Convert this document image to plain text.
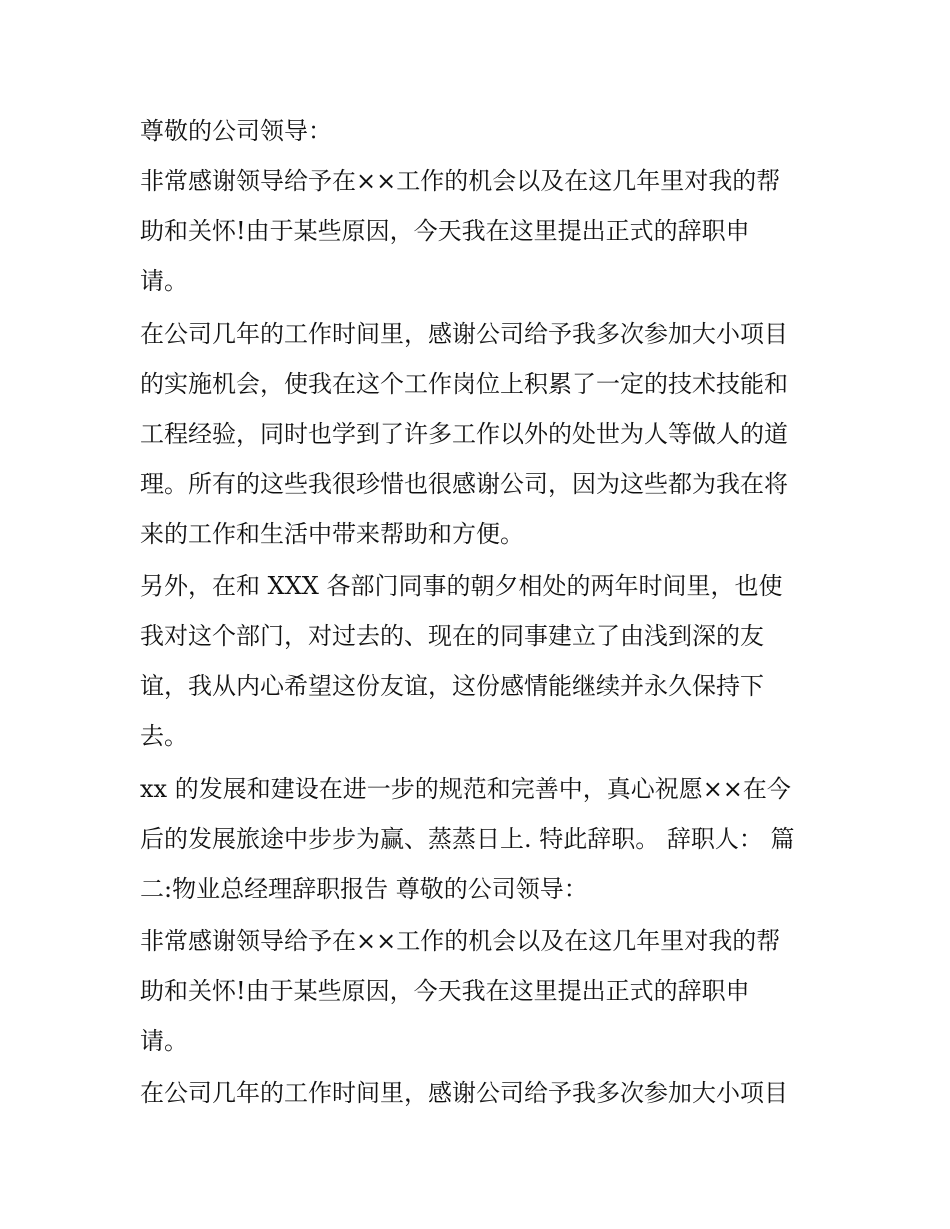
尊敬的公司领导：
非常感谢领导给予在××工作的机会以及在这几年里对我的帮
助和关怀!由于某些原因，今天我在这里提出正式的辞职申
请。
在公司几年的工作时间里，感谢公司给予我多次参加大小项目
的实施机会，使我在这个工作岗位上积累了一定的技术技能和
工程经验，同时也学到了许多工作以外的处世为人等做人的道
理。所有的这些我很珍惜也很感谢公司，因为这些都为我在将
来的工作和生活中带来帮助和方便。
另外，在和 XXX 各部门同事的朝夕相处的两年时间里，也使
我对这个部门，对过去的、现在的同事建立了由浅到深的友
谊，我从内心希望这份友谊，这份感情能继续并永久保持下
去。
xx 的发展和建设在进一步的规范和完善中，真心祝愿××在今
后的发展旅途中步步为赢、蒸蒸日上. 特此辞职。 辞职人： 篇
二:物业总经理辞职报告 尊敬的公司领导：
非常感谢领导给予在××工作的机会以及在这几年里对我的帮
助和关怀!由于某些原因，今天我在这里提出正式的辞职申
请。
在公司几年的工作时间里，感谢公司给予我多次参加大小项目
